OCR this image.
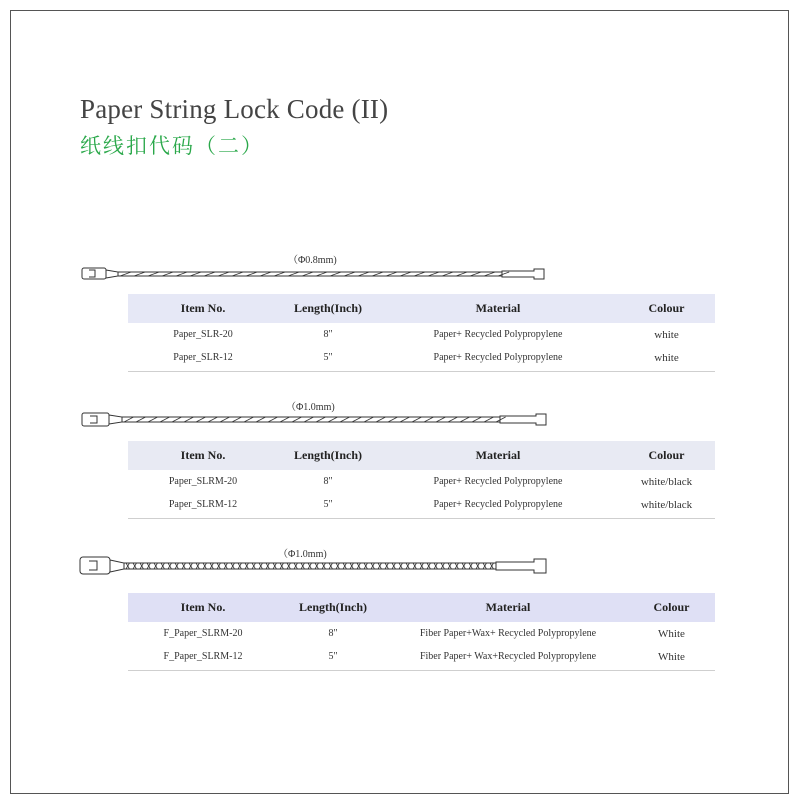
Paper String Lock Code (II)
纸线扣代码（二）
（Φ0.8mm)
（Φ1.0mm)
（Φ1.0mm)
Item No.	Length(Inch)	Material	Colour
Paper_SLR-20	8"	Paper+ Recycled Polypropylene	white
Paper_SLR-12	5"	Paper+ Recycled Polypropylene	white
Item No.	Length(Inch)	Material	Colour
Paper_SLRM-20	8"	Paper+ Recycled Polypropylene	white/black
Paper_SLRM-12	5"	Paper+ Recycled Polypropylene	white/black
Item No.	Length(Inch)	Material	Colour
F_Paper_SLRM-20	8"	Fiber Paper+Wax+ Recycled Polypropylene	White
F_Paper_SLRM-12	5"	Fiber Paper+ Wax+Recycled Polypropylene	White
